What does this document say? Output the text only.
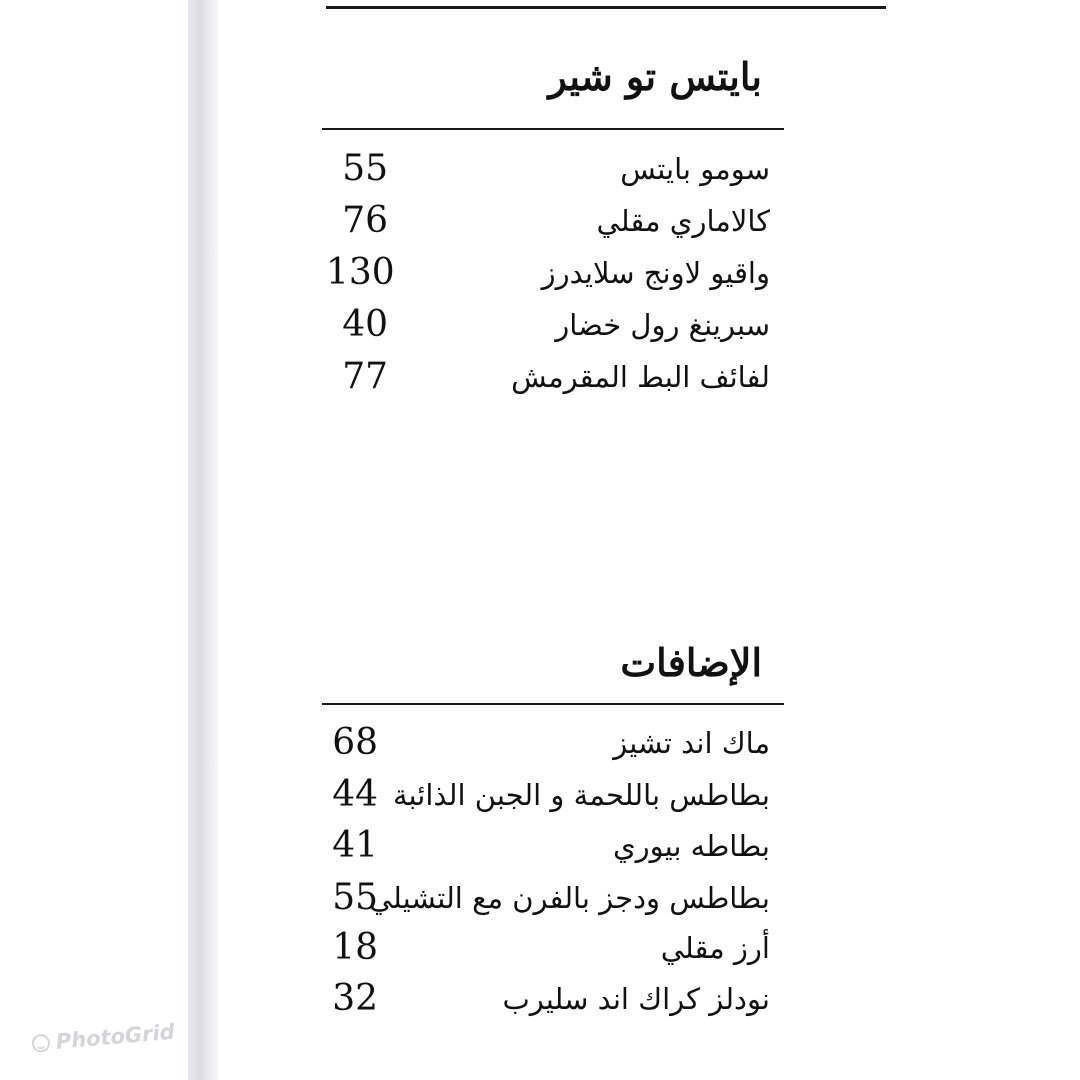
بايتس تو شير
سومو بايتس
55
كالاماري مقلي
76
واقيو لاونج سلايدرز
130
سبرينغ رول خضار
40
لفائف البط المقرمش
77
الإضافات
ماك اند تشيز
68
بطاطس باللحمة و الجبن الذائبة
44
بطاطه بيوري
41
بطاطس ودجز بالفرن مع التشيلي
55
أرز مقلي
18
نودلز كراك اند سليرب
32
PhotoGrid
